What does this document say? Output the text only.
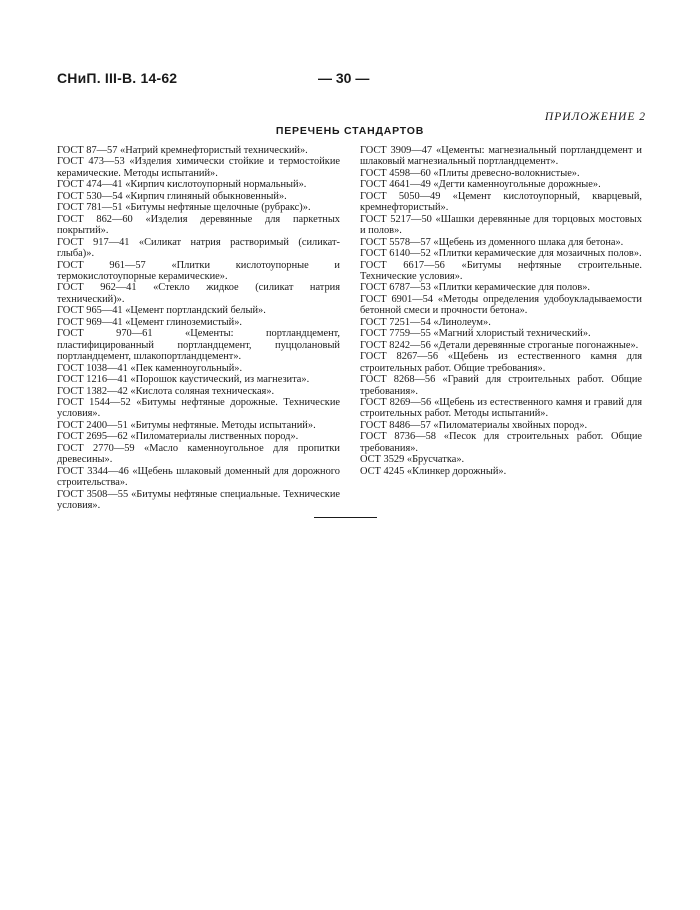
СНиП. III-В. 14-62	— 30 —
ПРИЛОЖЕНИЕ 2
ПЕРЕЧЕНЬ СТАНДАРТОВ
ГОСТ 87—57 «Натрий кремнефтористый технический».
ГОСТ 473—53 «Изделия химически стойкие и термостойкие керамические. Методы испытаний».
ГОСТ 474—41 «Кирпич кислотоупорный нормальный».
ГОСТ 530—54 «Кирпич глиняный обыкновенный».
ГОСТ 781—51 «Битумы нефтяные щелочные (рубракс)».
ГОСТ 862—60 «Изделия деревянные для паркетных покрытий».
ГОСТ 917—41 «Силикат натрия растворимый (силикат-глыба)».
ГОСТ 961—57 «Плитки кислотоупорные и термокислотоупорные керамические».
ГОСТ 962—41 «Стекло жидкое (силикат натрия технический)».
ГОСТ 965—41 «Цемент портландский белый».
ГОСТ 969—41 «Цемент глиноземистый».
ГОСТ 970—61 «Цементы: портландцемент, пластифицированный портландцемент, пуццолановый портландцемент, шлакопортландцемент».
ГОСТ 1038—41 «Пек каменноугольный».
ГОСТ 1216—41 «Порошок каустический, из магнезита».
ГОСТ 1382—42 «Кислота соляная техническая».
ГОСТ 1544—52 «Битумы нефтяные дорожные. Технические условия».
ГОСТ 2400—51 «Битумы нефтяные. Методы испытаний».
ГОСТ 2695—62 «Пиломатериалы лиственных пород».
ГОСТ 2770—59 «Масло каменноугольное для пропитки древесины».
ГОСТ 3344—46 «Щебень шлаковый доменный для дорожного строительства».
ГОСТ 3508—55 «Битумы нефтяные специальные. Технические условия».
ГОСТ 3909—47 «Цементы: магнезиальный портландцемент и шлаковый магнезиальный портландцемент».
ГОСТ 4598—60 «Плиты древесно-волокнистые».
ГОСТ 4641—49 «Дегти каменноугольные дорожные».
ГОСТ 5050—49 «Цемент кислотоупорный, кварцевый, кремнефтористый».
ГОСТ 5217—50 «Шашки деревянные для торцовых мостовых и полов».
ГОСТ 5578—57 «Щебень из доменного шлака для бетона».
ГОСТ 6140—52 «Плитки керамические для мозаичных полов».
ГОСТ 6617—56 «Битумы нефтяные строительные. Технические условия».
ГОСТ 6787—53 «Плитки керамические для полов».
ГОСТ 6901—54 «Методы определения удобоукладываемости бетонной смеси и прочности бетона».
ГОСТ 7251—54 «Линолеум».
ГОСТ 7759—55 «Магний хлористый технический».
ГОСТ 8242—56 «Детали деревянные строганые погонажные».
ГОСТ 8267—56 «Щебень из естественного камня для строительных работ. Общие требования».
ГОСТ 8268—56 «Гравий для строительных работ. Общие требования».
ГОСТ 8269—56 «Щебень из естественного камня и гравий для строительных работ. Методы испытаний».
ГОСТ 8486—57 «Пиломатериалы хвойных пород».
ГОСТ 8736—58 «Песок для строительных работ. Общие требования».
ОСТ 3529 «Брусчатка».
ОСТ 4245 «Клинкер дорожный».
